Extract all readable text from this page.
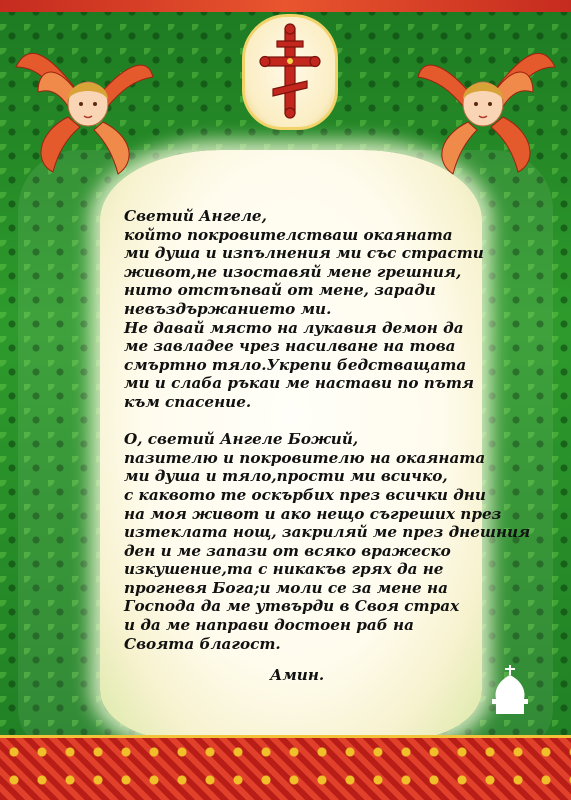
Светий Ангеле,
който покровителстваш окаяната
ми душа и изпълнения ми със страсти
живот,не изоставяй мене грешния,
нито отстъпвай от мене, заради
невъздържанието ми.
Не давай място на лукавия демон да
ме завладее чрез насилване на това
смъртно тяло.Укрепи бедстващата
ми и слаба ръкаи ме настави по пътя
към спасение.
О, светий Ангеле Божий,
пазителю и покровителю на окаяната
ми душа и тяло,прости ми всичко,
с каквото те оскърбих през всички дни
на моя живот и ако нещо съгреших през
изтеклата нощ, закриляй ме през днешния
ден и ме запази от всяко вражеско
изкушение,та с никакъв грях да не
прогневя Бога;и моли се за мене на
Господа да ме утвърди в Своя страх
и да ме направи достоен раб на
Своята благост.
Амин.
